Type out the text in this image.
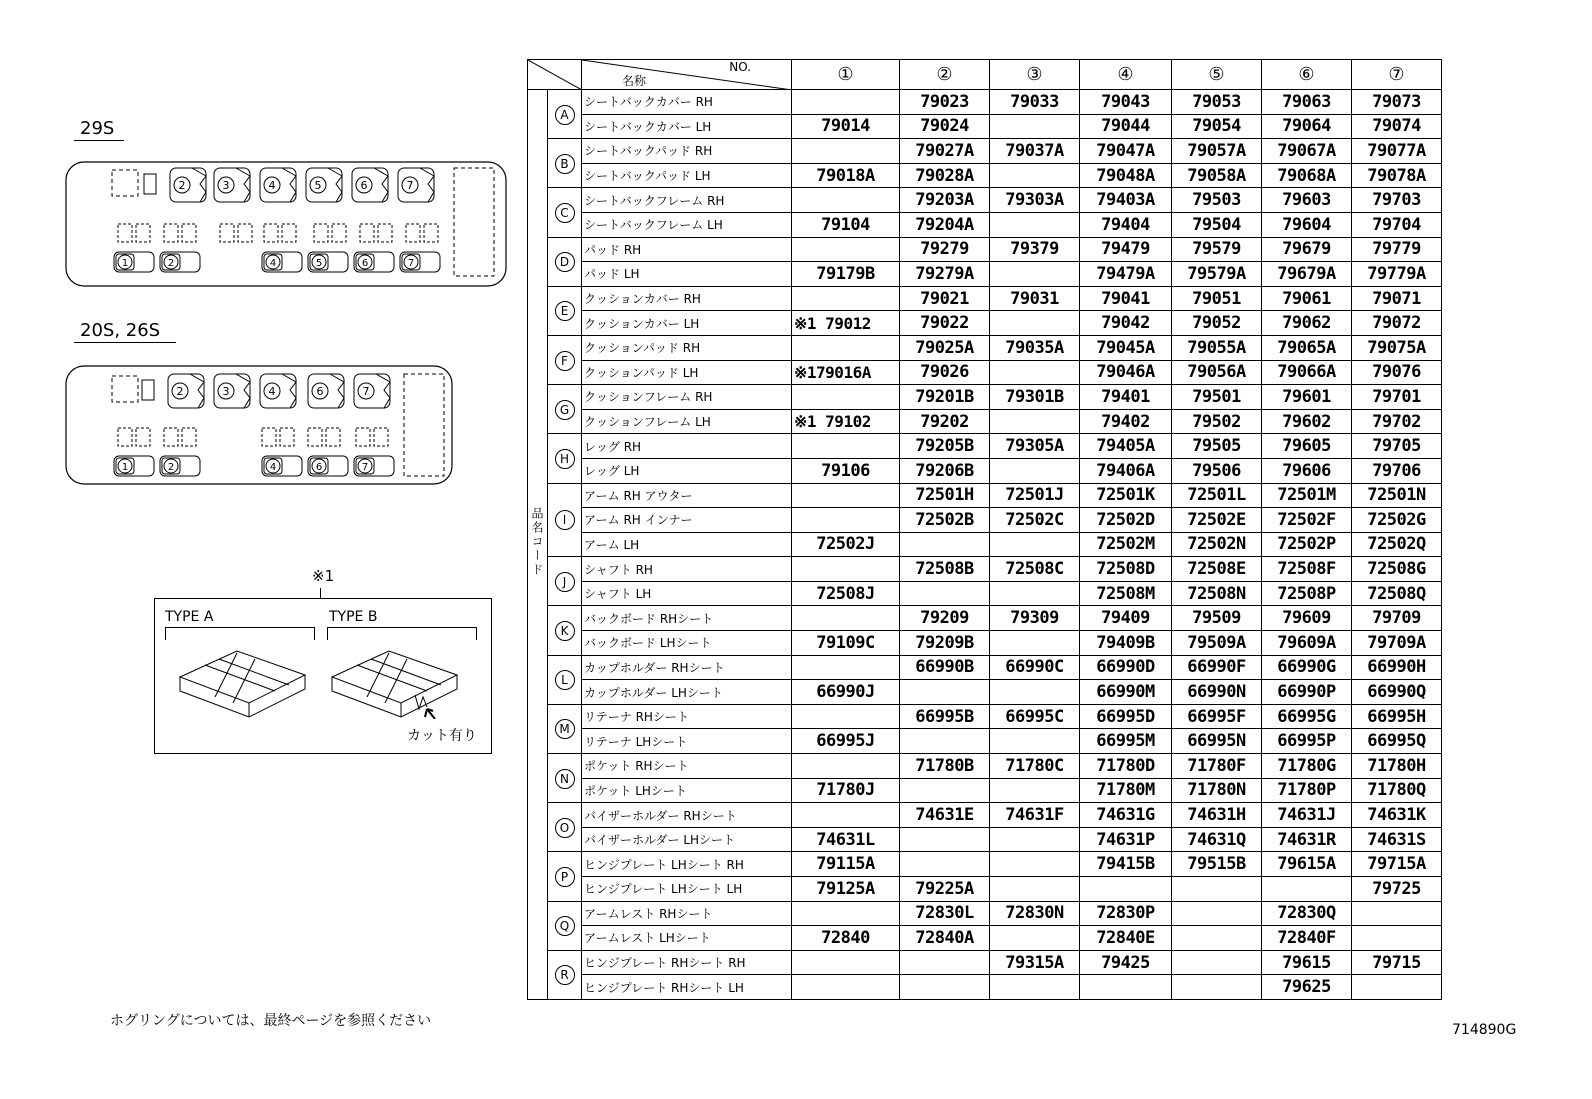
29S
2	3	4	5	6	7
1	2	4	5	6	7
20S, 26S
2	3	4	6	7
1	2	4	6	7
※1
TYPE A	TYPE B
カット有り
ホグリングについては、最終ページを参照ください
714890G

NO.
名称	①	②	③	④	⑤	⑥	⑦
品名コード	A	シートバックカバー RH		79023	79033	79043	79053	79063	79073
		シートバックカバー LH	79014	79024		79044	79054	79064	79074
	B	シートバックパッド RH		79027A	79037A	79047A	79057A	79067A	79077A
		シートバックパッド LH	79018A	79028A		79048A	79058A	79068A	79078A
	C	シートバックフレーム RH		79203A	79303A	79403A	79503	79603	79703
		シートバックフレーム LH	79104	79204A		79404	79504	79604	79704
	D	パッド RH		79279	79379	79479	79579	79679	79779
		パッド LH	79179B	79279A		79479A	79579A	79679A	79779A
	E	クッションカバー RH		79021	79031	79041	79051	79061	79071
		クッションカバー LH	※1 79012	79022		79042	79052	79062	79072
	F	クッションパッド RH		79025A	79035A	79045A	79055A	79065A	79075A
		クッションパッド LH	※179016A	79026		79046A	79056A	79066A	79076
	G	クッションフレーム RH		79201B	79301B	79401	79501	79601	79701
		クッションフレーム LH	※1 79102	79202		79402	79502	79602	79702
	H	レッグ RH		79205B	79305A	79405A	79505	79605	79705
		レッグ LH	79106	79206B		79406A	79506	79606	79706
	I	アーム RH アウター		72501H	72501J	72501K	72501L	72501M	72501N
		アーム RH インナー		72502B	72502C	72502D	72502E	72502F	72502G
		アーム LH	72502J			72502M	72502N	72502P	72502Q
	J	シャフト RH		72508B	72508C	72508D	72508E	72508F	72508G
		シャフト LH	72508J			72508M	72508N	72508P	72508Q
	K	バックボード RHシート		79209	79309	79409	79509	79609	79709
		バックボード LHシート	79109C	79209B		79409B	79509A	79609A	79709A
	L	カップホルダー RHシート		66990B	66990C	66990D	66990F	66990G	66990H
		カップホルダー LHシート	66990J			66990M	66990N	66990P	66990Q
	M	リテーナ RHシート		66995B	66995C	66995D	66995F	66995G	66995H
		リテーナ LHシート	66995J			66995M	66995N	66995P	66995Q
	N	ポケット RHシート		71780B	71780C	71780D	71780F	71780G	71780H
		ポケット LHシート	71780J			71780M	71780N	71780P	71780Q
	O	バイザーホルダー RHシート		74631E	74631F	74631G	74631H	74631J	74631K
		バイザーホルダー LHシート	74631L			74631P	74631Q	74631R	74631S
	P	ヒンジプレート LHシート RH	79115A			79415B	79515B	79615A	79715A
		ヒンジプレート LHシート LH	79125A	79225A					79725
	Q	アームレスト RHシート		72830L	72830N	72830P		72830Q	
		アームレスト LHシート	72840	72840A		72840E		72840F	
	R	ヒンジプレート RHシート RH			79315A	79425		79615	79715
		ヒンジプレート RHシート LH						79625	
